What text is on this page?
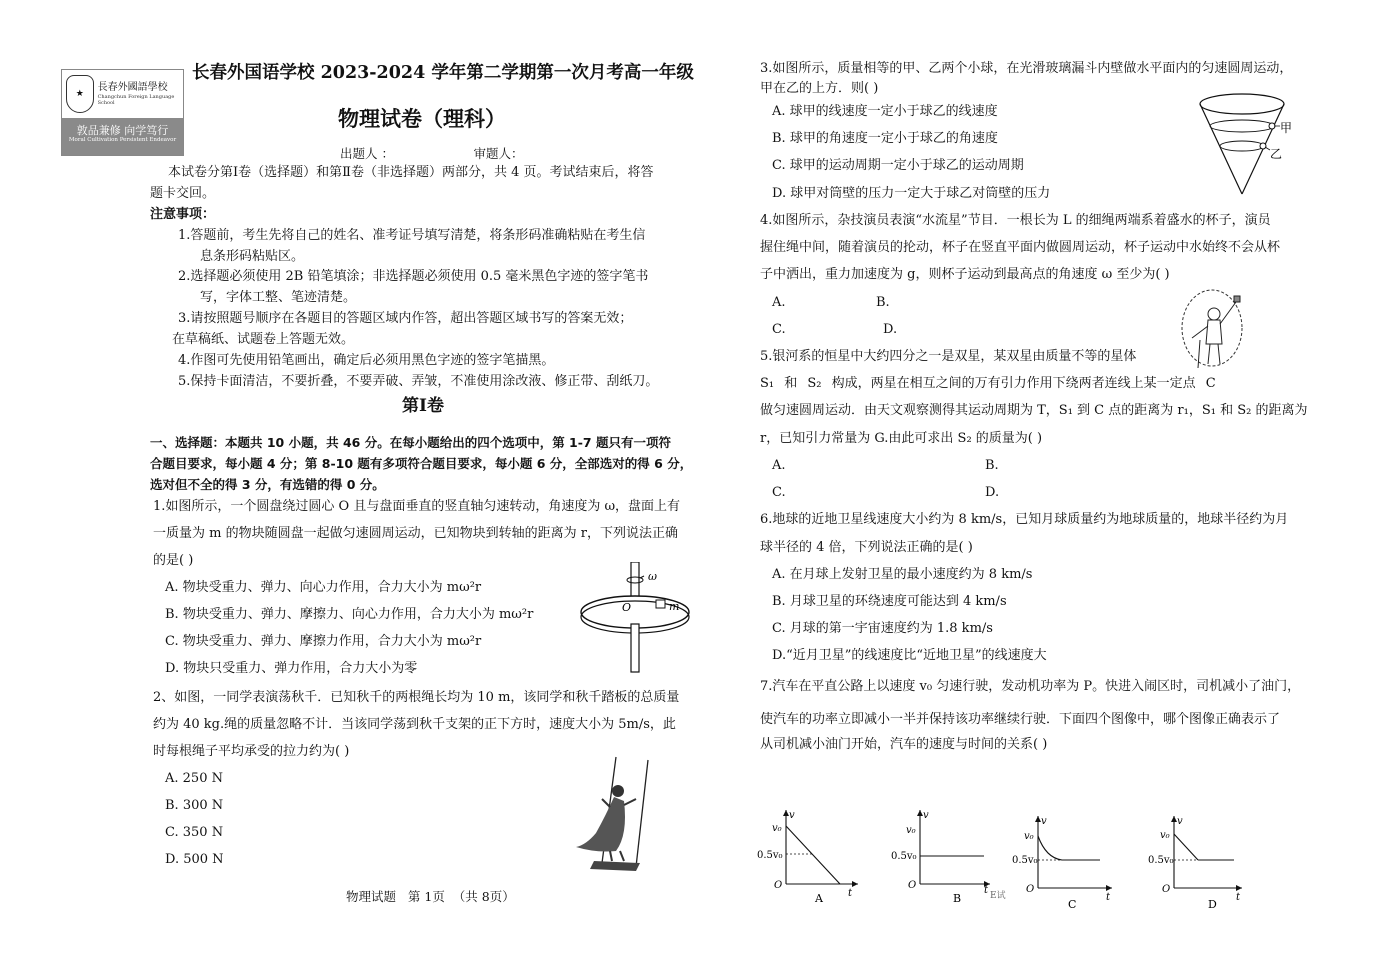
★
長春外國語學校
Changchun Foreign Language School
敦品兼修 向学笃行
Moral Cultivation Persistent Endeavor
长春外国语学校 2023-2024 学年第二学期第一次月考高一年级
物理试卷（理科）
出题人 ：                    审题人：
本试卷分第Ⅰ卷（选择题）和第Ⅱ卷（非选择题）两部分，共 4 页。考试结束后，将答
题卡交回。
注意事项：
1.答题前，考生先将自己的姓名、准考证号填写清楚，将条形码准确粘贴在考生信
息条形码粘贴区。
2.选择题必须使用 2B 铅笔填涂；非选择题必须使用 0.5 毫米黑色字迹的签字笔书
写，字体工整、笔迹清楚。
3.请按照题号顺序在各题目的答题区域内作答，超出答题区域书写的答案无效；
在草稿纸、试题卷上答题无效。
4.作图可先使用铅笔画出，确定后必须用黑色字迹的签字笔描黑。
5.保持卡面清洁，不要折叠，不要弄破、弄皱，不准使用涂改液、修正带、刮纸刀。
第Ⅰ卷
一、选择题：本题共 10 小题，共 46 分。在每小题给出的四个选项中，第 1-7 题只有一项符
合题目要求，每小题 4 分；第 8-10 题有多项符合题目要求，每小题 6 分，全部选对的得 6 分，
选对但不全的得 3 分，有选错的得 0 分。
1.如图所示，一个圆盘绕过圆心 O 且与盘面垂直的竖直轴匀速转动，角速度为 ω，盘面上有
一质量为 m 的物块随圆盘一起做匀速圆周运动，已知物块到转轴的距离为 r，下列说法正确
的是( )
A. 物块受重力、弹力、向心力作用，合力大小为 mω²r
B. 物块受重力、弹力、摩擦力、向心力作用，合力大小为 mω²r
C. 物块受重力、弹力、摩擦力作用，合力大小为 mω²r
D. 物块只受重力、弹力作用，合力大小为零
ω
O	m
2、如图，一同学表演荡秋千．已知秋千的两根绳长均为 10 m，该同学和秋千踏板的总质量
约为 40 kg.绳的质量忽略不计．当该同学荡到秋千支架的正下方时，速度大小为 5m/s，此
时每根绳子平均承受的拉力约为( )
A. 250 N
B. 300 N
C. 350 N
D. 500 N
物理试题   第 1页  （共 8页）
3.如图所示，质量相等的甲、乙两个小球，在光滑玻璃漏斗内壁做水平面内的匀速圆周运动，
甲在乙的上方．则( )
A. 球甲的线速度一定小于球乙的线速度
B. 球甲的角速度一定小于球乙的角速度
C. 球甲的运动周期一定小于球乙的运动周期
D. 球甲对筒壁的压力一定大于球乙对筒壁的压力
甲
乙
4.如图所示，杂技演员表演“水流星”节目．一根长为 L 的细绳两端系着盛水的杯子，演员
握住绳中间，随着演员的抡动，杯子在竖直平面内做圆周运动，杯子运动中水始终不会从杯
子中洒出，重力加速度为 g，则杯子运动到最高点的角速度 ω 至少为( )
A.	B.
C.	D.
5.银河系的恒星中大约四分之一是双星，某双星由质量不等的星体
S₁ 和 S₂ 构成，两星在相互之间的万有引力作用下绕两者连线上某一定点 C
做匀速圆周运动．由天文观察测得其运动周期为 T，S₁ 到 C 点的距离为 r₁，S₁ 和 S₂ 的距离为
r，已知引力常量为 G.由此可求出 S₂ 的质量为( )
A.	B.
C.	D.
6.地球的近地卫星线速度大小约为 8 km/s，已知月球质量约为地球质量的，地球半径约为月
球半径的 4 倍，下列说法正确的是( )
A. 在月球上发射卫星的最小速度约为 8 km/s
B. 月球卫星的环绕速度可能达到 4 km/s
C. 月球的第一宇宙速度约为 1.8 km/s
D.“近月卫星”的线速度比“近地卫星”的线速度大
7.汽车在平直公路上以速度 v₀ 匀速行驶，发动机功率为 P。快进入闹区时，司机减小了油门，
使汽车的功率立即减小一半并保持该功率继续行驶．下面四个图像中，哪个图像正确表示了
从司机减小油门开始，汽车的速度与时间的关系( )
v
v₀
0.5v₀
O
t
A
v
v₀
0.5v₀
O	t
B	E试
v
v₀
0.5v₀
O
t
C
v
v₀
0.5v₀
O
t
D
